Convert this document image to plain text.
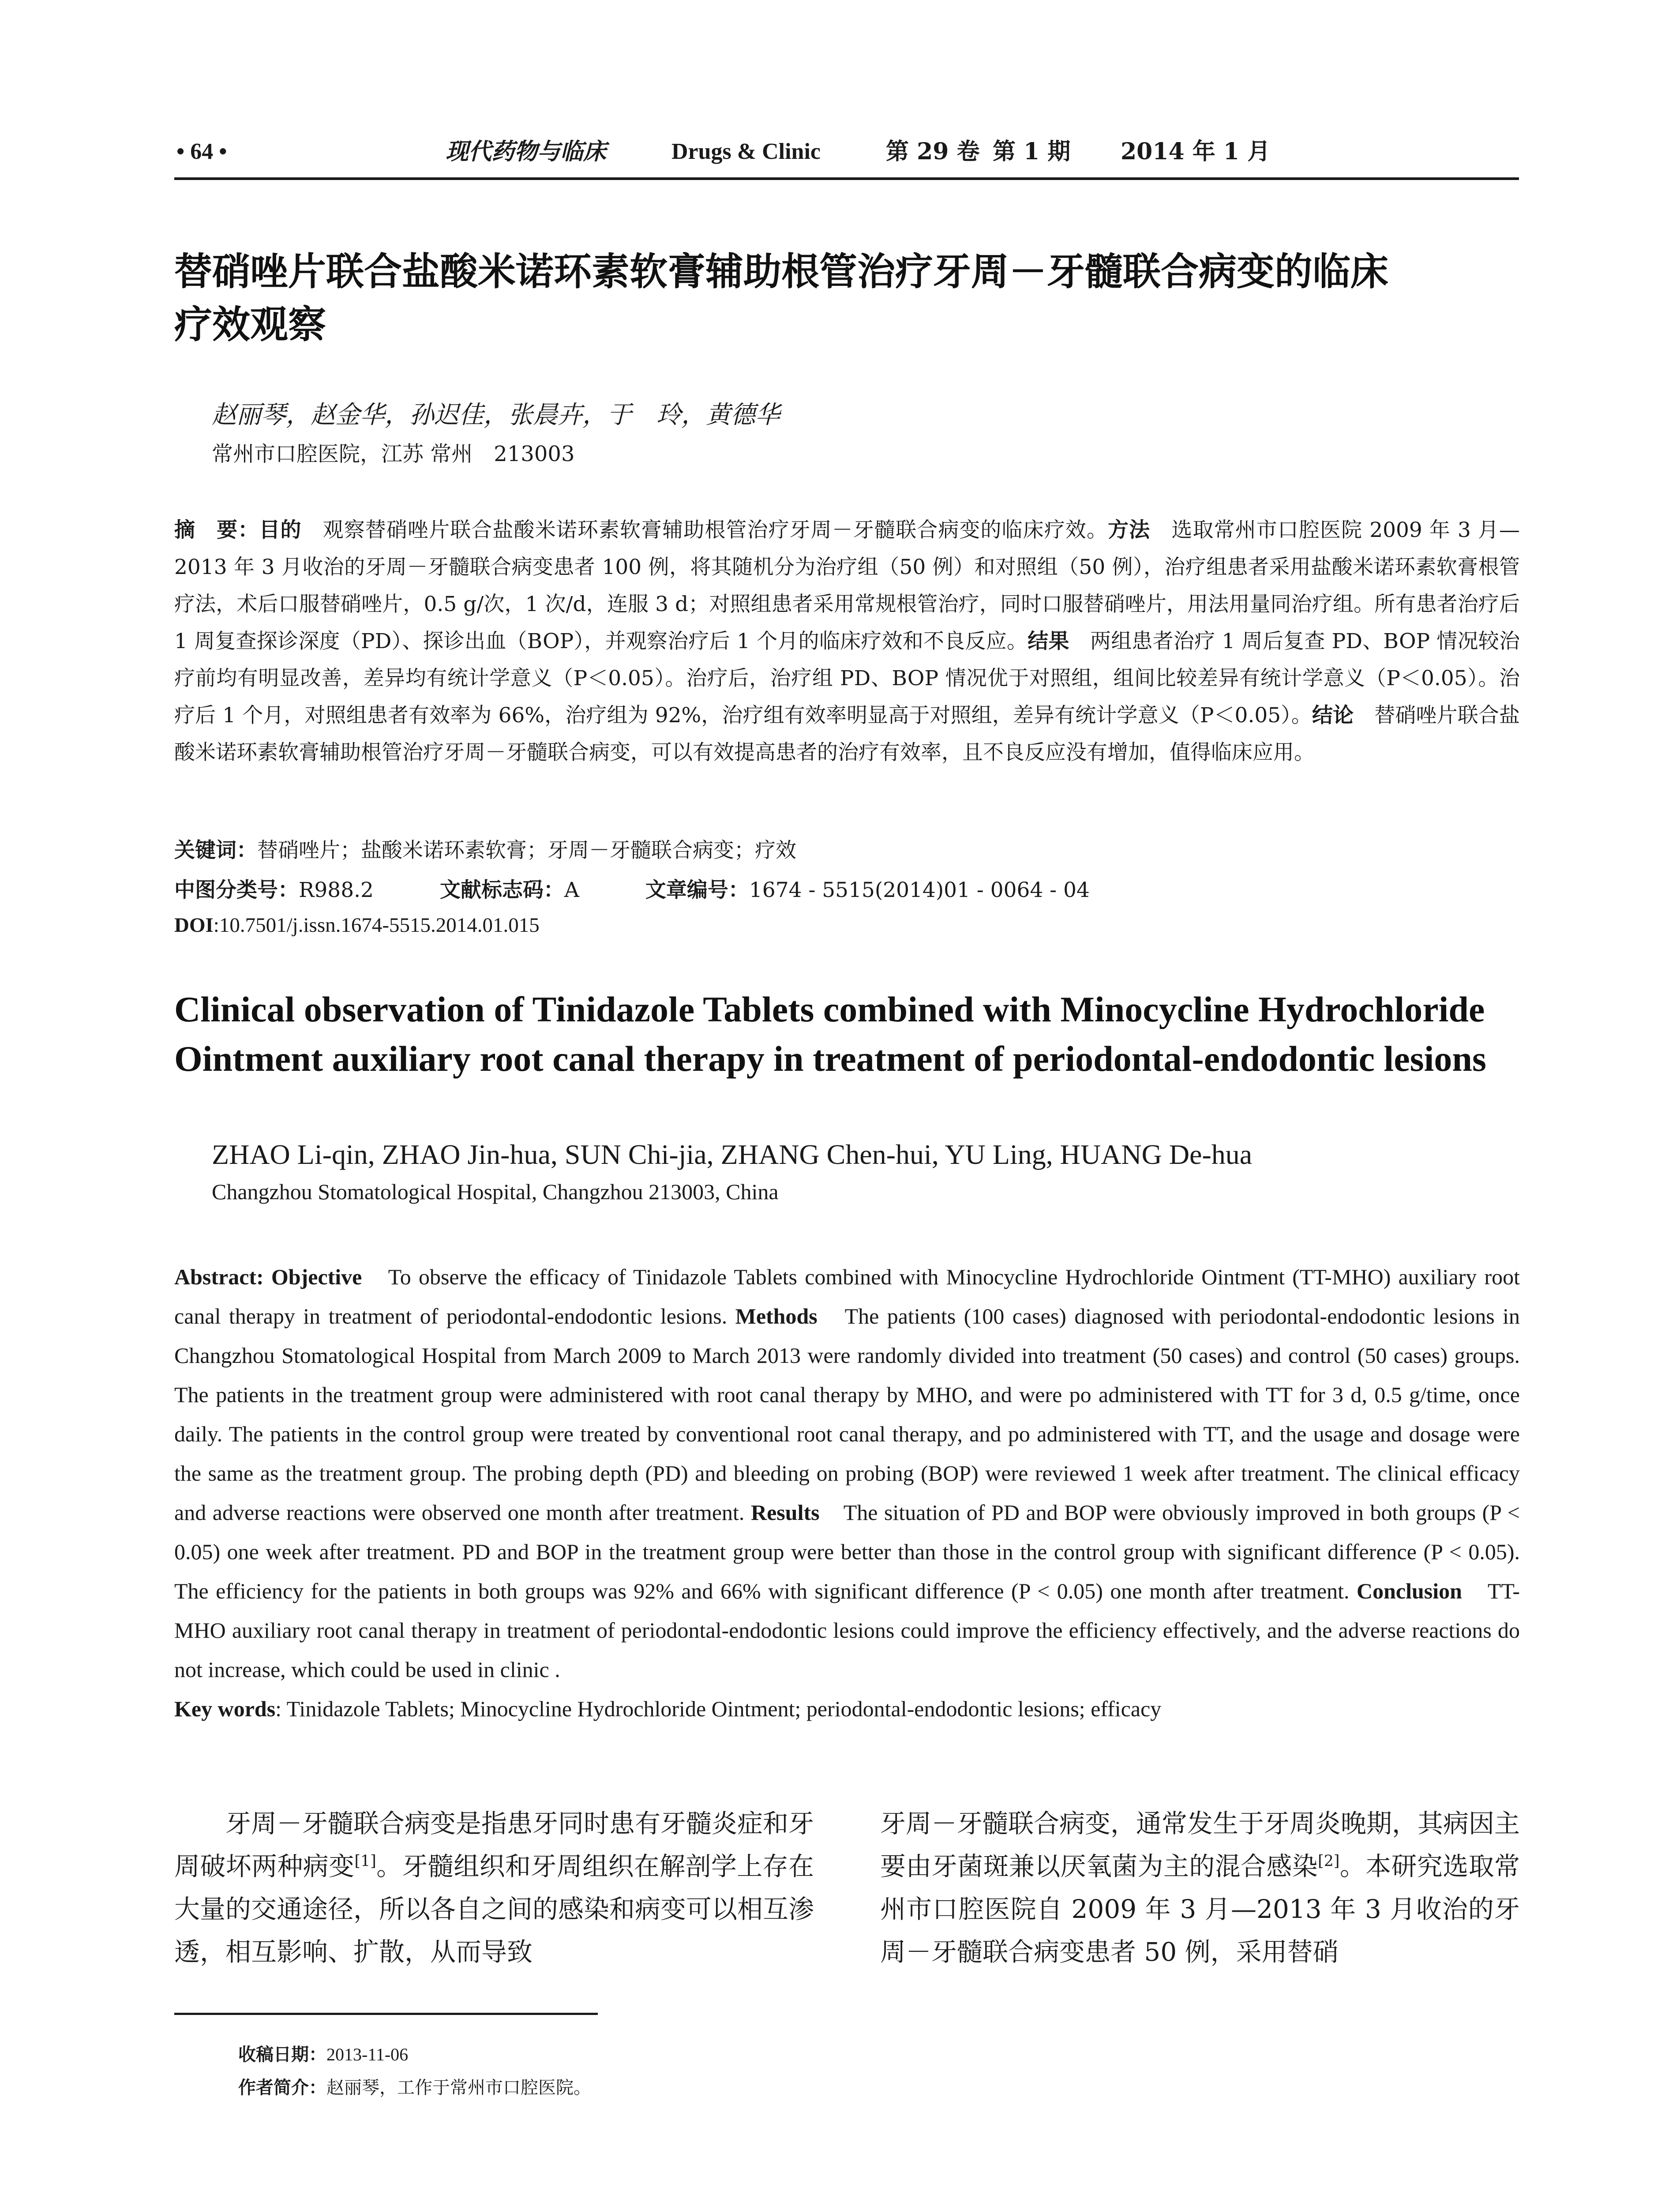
• 64 •	现代药物与临床	Drugs & Clinic	第 29 卷 第 1 期 2014 年 1 月
替硝唑片联合盐酸米诺环素软膏辅助根管治疗牙周－牙髓联合病变的临床
疗效观察
赵丽琴，赵金华，孙迟佳，张晨卉，于　玲，黄德华
常州市口腔医院，江苏 常州　213003

摘　要：目的　观察替硝唑片联合盐酸米诺环素软膏辅助根管治疗牙周－牙髓联合病变的临床疗效。方法　选取常州市口腔医院 2009 年 3 月—2013 年 3 月收治的牙周－牙髓联合病变患者 100 例，将其随机分为治疗组（50 例）和对照组（50 例），治疗组患者采用盐酸米诺环素软膏根管疗法，术后口服替硝唑片，0.5 g/次，1 次/d，连服 3 d；对照组患者采用常规根管治疗，同时口服替硝唑片，用法用量同治疗组。所有患者治疗后 1 周复查探诊深度（PD）、探诊出血（BOP），并观察治疗后 1 个月的临床疗效和不良反应。结果　两组患者治疗 1 周后复查 PD、BOP 情况较治疗前均有明显改善，差异均有统计学意义（P＜0.05）。治疗后，治疗组 PD、BOP 情况优于对照组，组间比较差异有统计学意义（P＜0.05）。治疗后 1 个月，对照组患者有效率为 66%，治疗组为 92%，治疗组有效率明显高于对照组，差异有统计学意义（P＜0.05）。结论　替硝唑片联合盐酸米诺环素软膏辅助根管治疗牙周－牙髓联合病变，可以有效提高患者的治疗有效率，且不良反应没有增加，值得临床应用。

关键词：替硝唑片；盐酸米诺环素软膏；牙周－牙髓联合病变；疗效
中图分类号：R988.2	文献标志码：A	文章编号：1674 - 5515(2014)01 - 0064 - 04
DOI:10.7501/j.issn.1674-5515.2014.01.015
Clinical observation of Tinidazole Tablets combined with Minocycline Hydrochloride
Ointment auxiliary root canal therapy in treatment of periodontal-endodontic lesions
ZHAO Li-qin, ZHAO Jin-hua, SUN Chi-jia, ZHANG Chen-hui, YU Ling, HUANG De-hua
Changzhou Stomatological Hospital, Changzhou 213003, China

Abstract: Objective　To observe the efficacy of Tinidazole Tablets combined with Minocycline Hydrochloride Ointment (TT-MHO) auxiliary root canal therapy in treatment of periodontal-endodontic lesions. Methods　The patients (100 cases) diagnosed with periodontal-endodontic lesions in Changzhou Stomatological Hospital from March 2009 to March 2013 were randomly divided into treatment (50 cases) and control (50 cases) groups. The patients in the treatment group were administered with root canal therapy by MHO, and were po administered with TT for 3 d, 0.5 g/time, once daily. The patients in the control group were treated by conventional root canal therapy, and po administered with TT, and the usage and dosage were the same as the treatment group. The probing depth (PD) and bleeding on probing (BOP) were reviewed 1 week after treatment. The clinical efficacy and adverse reactions were observed one month after treatment. Results　The situation of PD and BOP were obviously improved in both groups (P < 0.05) one week after treatment. PD and BOP in the treatment group were better than those in the control group with significant difference (P < 0.05). The efficiency for the patients in both groups was 92% and 66% with significant difference (P < 0.05) one month after treatment. Conclusion　TT-MHO auxiliary root canal therapy in treatment of periodontal-endodontic lesions could improve the efficiency effectively, and the adverse reactions do not increase, which could be used in clinic .

Key words: Tinidazole Tablets; Minocycline Hydrochloride Ointment; periodontal-endodontic lesions; efficacy

牙周－牙髓联合病变是指患牙同时患有牙髓炎症和牙周破坏两种病变[1]。牙髓组织和牙周组织在解剖学上存在大量的交通途径，所以各自之间的感染和病变可以相互渗透，相互影响、扩散，从而导致

牙周－牙髓联合病变，通常发生于牙周炎晚期，其病因主要由牙菌斑兼以厌氧菌为主的混合感染[2]。本研究选取常州市口腔医院自 2009 年 3 月—2013 年 3 月收治的牙周－牙髓联合病变患者 50 例，采用替硝

收稿日期：2013-11-06
作者简介：赵丽琴，工作于常州市口腔医院。
